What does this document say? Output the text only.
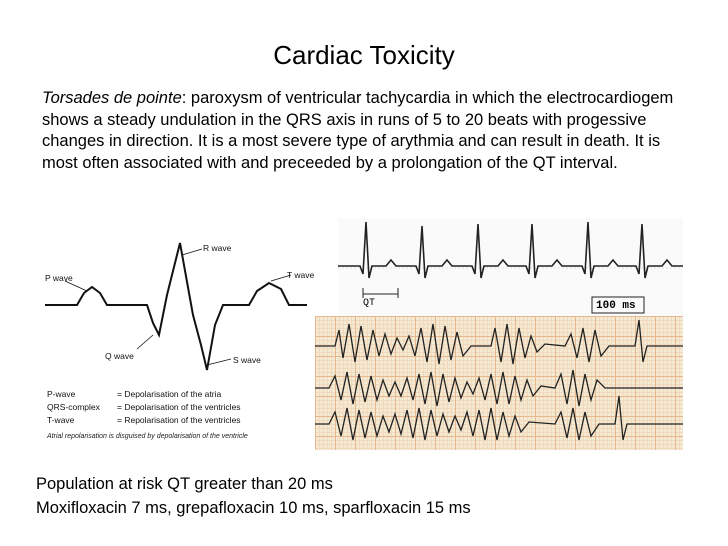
Cardiac Toxicity
Torsades de pointe: paroxysm of ventricular tachycardia in which the electrocardiogem shows a steady undulation in the QRS axis in runs of 5 to 20 beats with progessive changes in direction. It is a most severe type of arythmia and can result in death. It is most often associated with and preceeded by a prolongation of the QT interval.
P wave
R wave
T wave
Q wave	S wave
P-wave	= Depolarisation of the atria
QRS-complex = Depolarisation of the ventricles
T-wave	= Repolarisation of the ventricles
Atrial repolarisation is disguised by depolarisation of the ventricle
QT	100 ms
Population at risk QT greater than 20 ms
Moxifloxacin 7 ms, grepafloxacin 10 ms, sparfloxacin 15 ms
